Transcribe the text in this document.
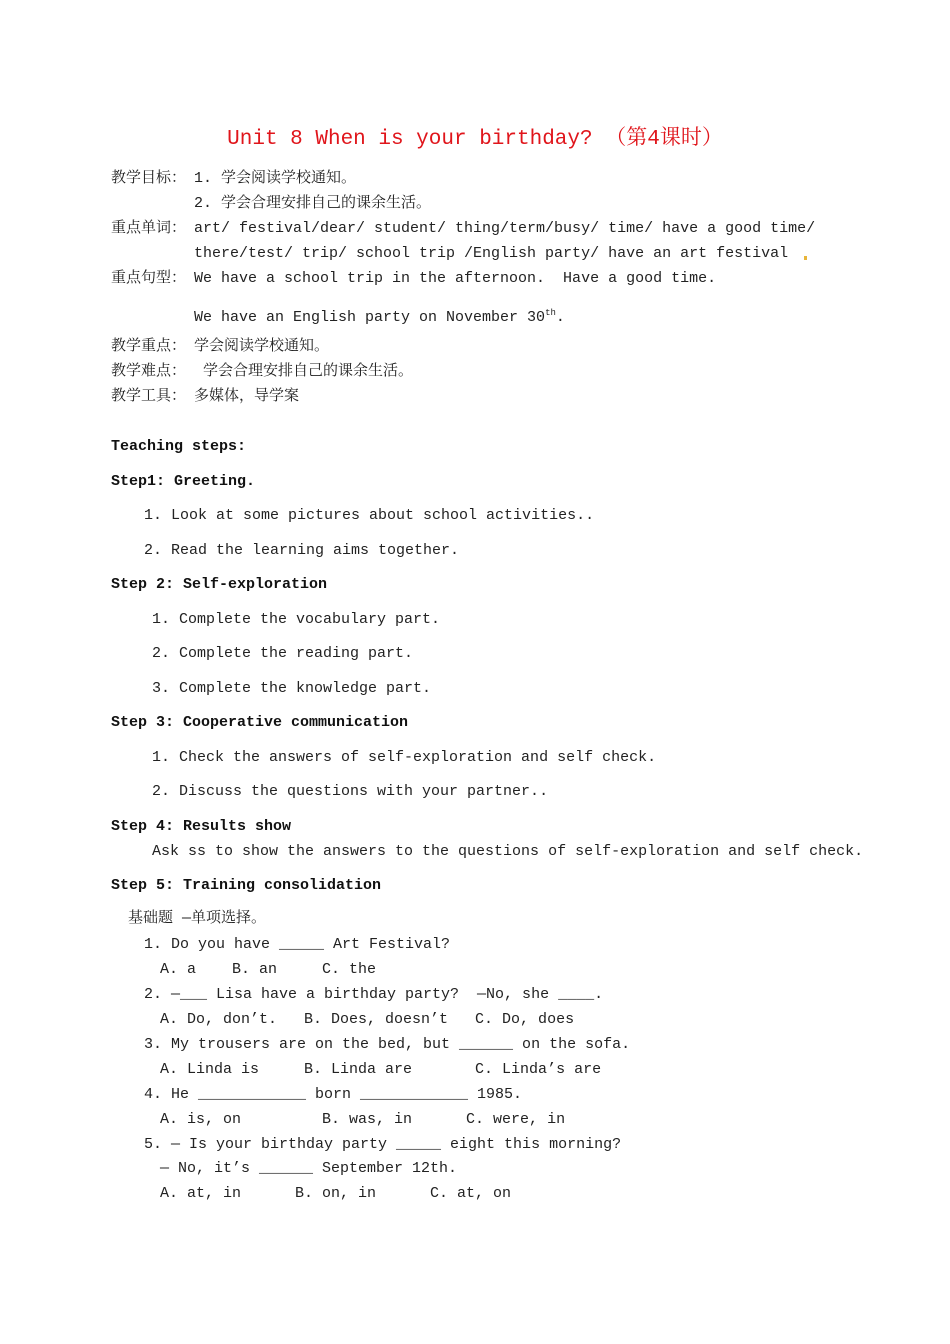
Unit 8 When is your birthday? （第4课时）
教学目标： 1. 学会阅读学校通知。
2. 学会合理安排自己的课余生活。
重点单词： art/ festival/dear/ student/ thing/term/busy/ time/ have a good time/
there/test/ trip/ school trip /English party/ have an art festival
重点句型： We have a school trip in the afternoon.  Have a good time.
We have an English party on November 30th.
教学重点： 学会阅读学校通知。
教学难点： 学会合理安排自己的课余生活。
教学工具： 多媒体，导学案
Teaching steps:
Step1: Greeting.
1. Look at some pictures about school activities..
2. Read the learning aims together.
Step 2: Self-exploration
1. Complete the vocabulary part.
2. Complete the reading part.
3. Complete the knowledge part.
Step 3: Cooperative communication
1. Check the answers of self-exploration and self check.
2. Discuss the questions with your partner..
Step 4: Results show
Ask ss to show the answers to the questions of self-exploration and self check.
Step 5: Training consolidation
基础题 —单项选择。
1. Do you have _____ Art Festival?
A. a    B. an     C. the
2. —___ Lisa have a birthday party?  —No, she ____.
A. Do, don’t.   B. Does, doesn’t   C. Do, does
3. My trousers are on the bed, but ______ on the sofa.
A. Linda is     B. Linda are       C. Linda’s are
4. He ____________ born ____________ 1985.
A. is, on         B. was, in      C. were, in
5. — Is your birthday party _____ eight this morning?
— No, it’s ______ September 12th.
A. at, in      B. on, in      C. at, on
